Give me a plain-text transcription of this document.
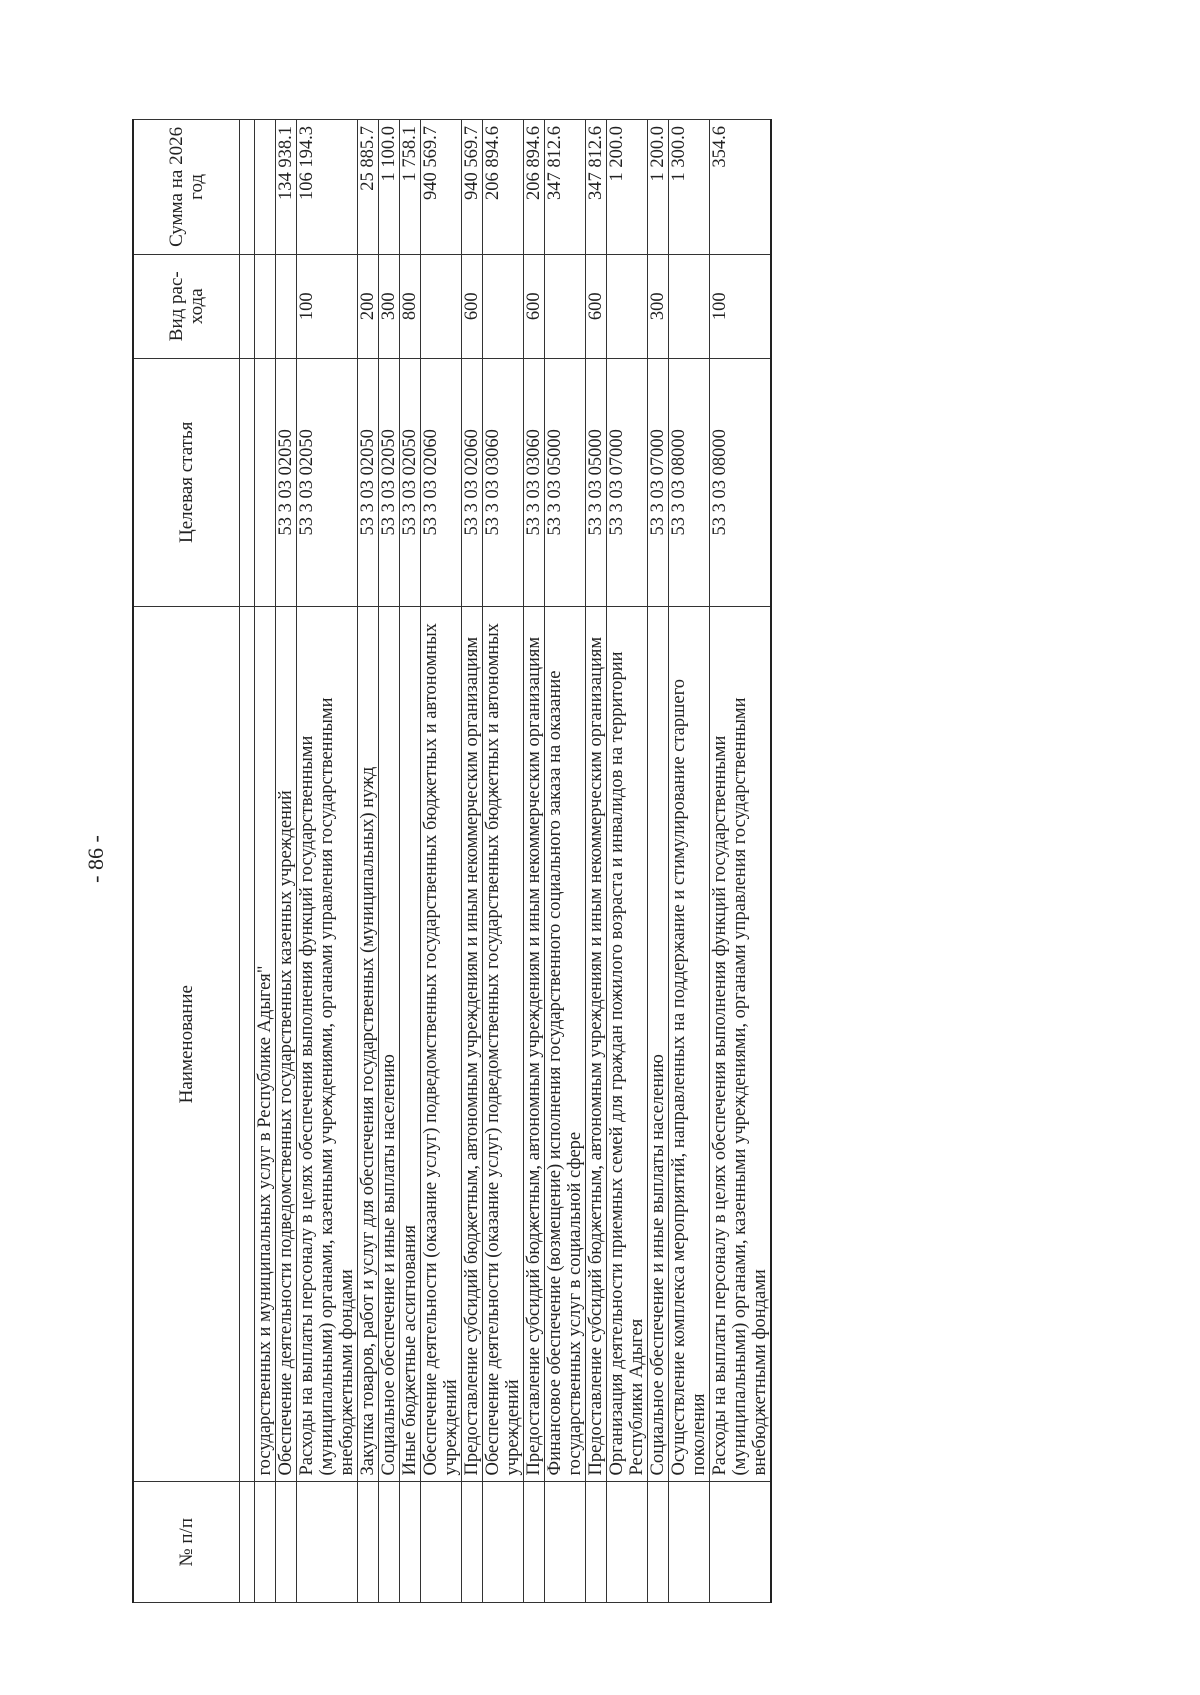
- 86 -
№ п/п	Наименование	Целевая статья	Вид рас-хода	Сумма на 2026 год

	государственных и муниципальных услуг в Республике Адыгея"			
	Обеспечение деятельности подведомственных государственных казенных учреждений	53 3 03 02050		134 938.1
	Расходы на выплаты персоналу в целях обеспечения выполнения функций государственными (муниципальными) органами, казенными учреждениями, органами управления государственными внебюджетными фондами	53 3 03 02050	100	106 194.3
	Закупка товаров, работ и услуг для обеспечения государственных (муниципальных) нужд	53 3 03 02050	200	25 885.7
	Социальное обеспечение и иные выплаты населению	53 3 03 02050	300	1 100.0
	Иные бюджетные ассигнования	53 3 03 02050	800	1 758.1
	Обеспечение деятельности (оказание услуг) подведомственных государственных бюджетных и автономных учреждений	53 3 03 02060		940 569.7
	Предоставление субсидий бюджетным, автономным учреждениям и иным некоммерческим организациям	53 3 03 02060	600	940 569.7
	Обеспечение деятельности (оказание услуг) подведомственных государственных бюджетных и автономных учреждений	53 3 03 03060		206 894.6
	Предоставление субсидий бюджетным, автономным учреждениям и иным некоммерческим организациям	53 3 03 03060	600	206 894.6
	Финансовое обеспечение (возмещение) исполнения государственного социального заказа на оказание государственных услуг в социальной сфере	53 3 03 05000		347 812.6
	Предоставление субсидий бюджетным, автономным учреждениям и иным некоммерческим организациям	53 3 03 05000	600	347 812.6
	Организация деятельности приемных семей для граждан пожилого возраста и инвалидов на территории Республики Адыгея	53 3 03 07000		1 200.0
	Социальное обеспечение и иные выплаты населению	53 3 03 07000	300	1 200.0
	Осуществление комплекса мероприятий, направленных на поддержание и стимулирование старшего поколения	53 3 03 08000		1 300.0
	Расходы на выплаты персоналу в целях обеспечения выполнения функций государственными (муниципальными) органами, казенными учреждениями, органами управления государственными внебюджетными фондами	53 3 03 08000	100	354.6
